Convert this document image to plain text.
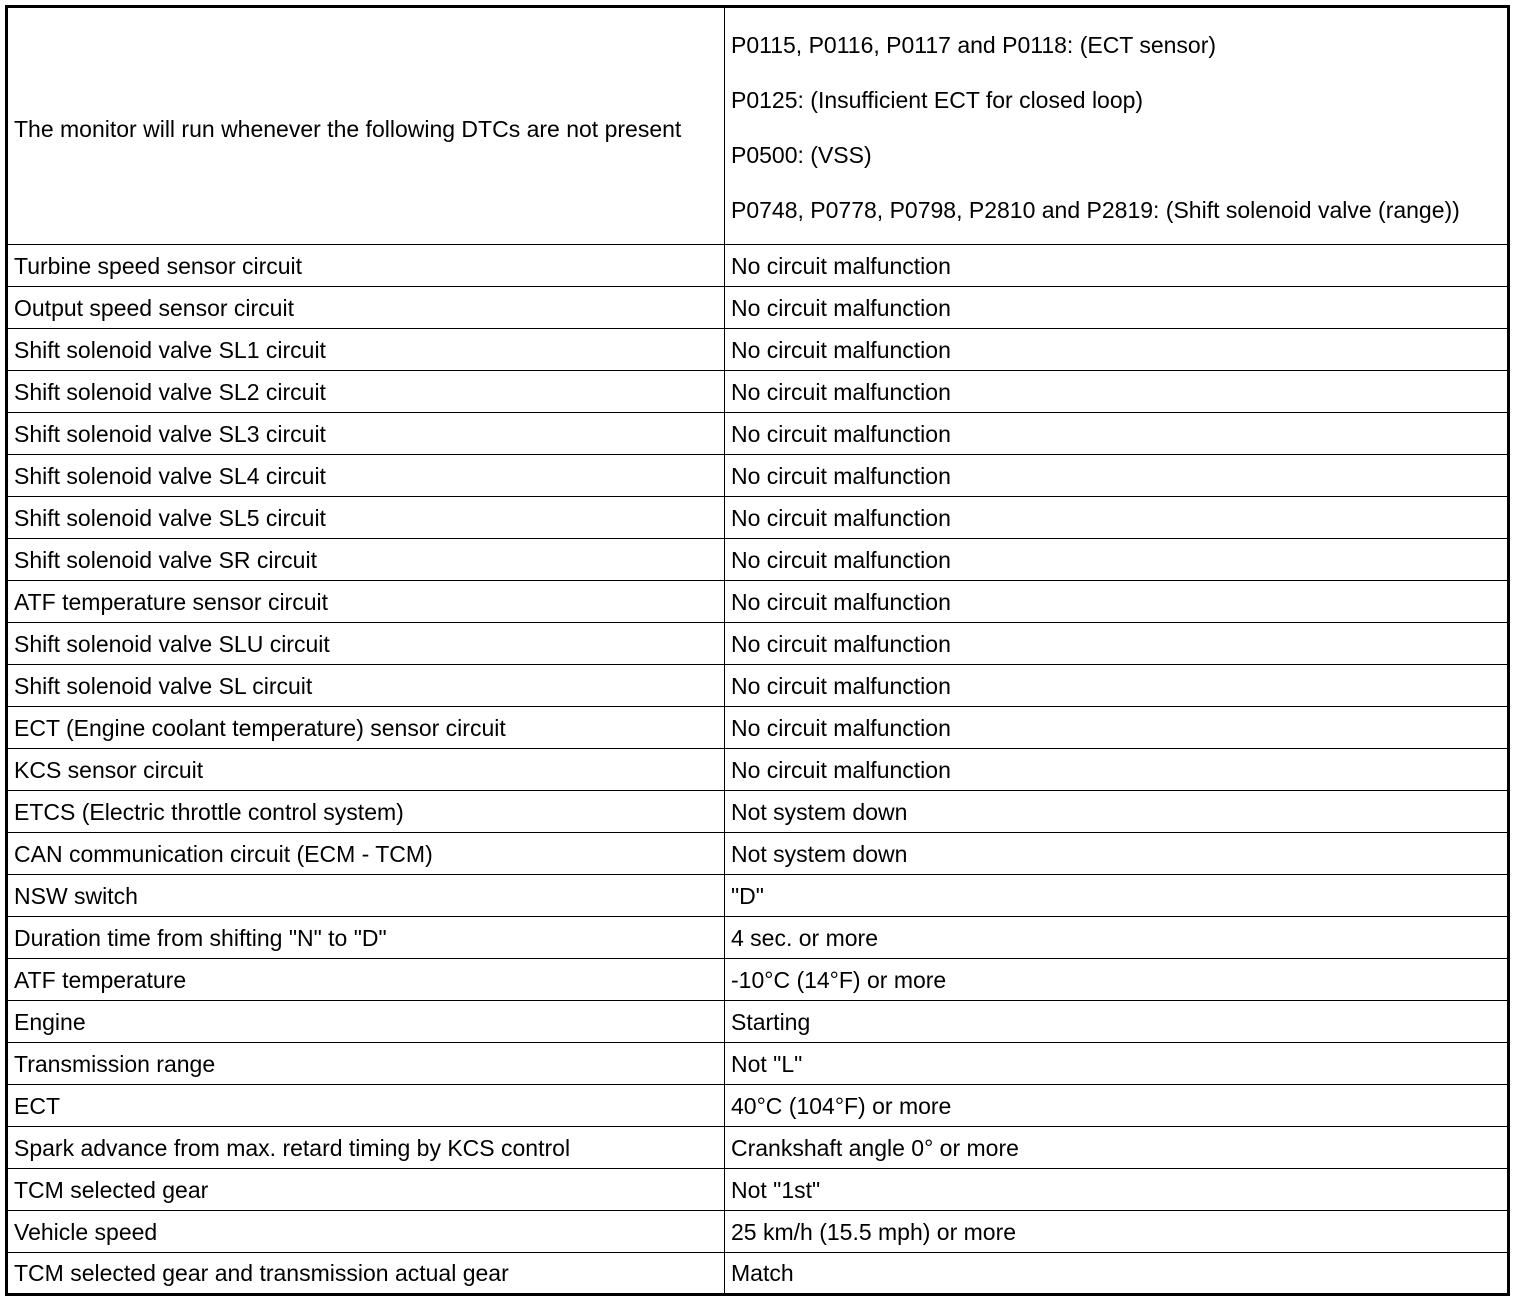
The monitor will run whenever the following DTCs are not present	P0115, P0116, P0117 and P0118: (ECT sensor)
P0125: (Insufficient ECT for closed loop)
P0500: (VSS)
P0748, P0778, P0798, P2810 and P2819: (Shift solenoid valve (range))

Turbine speed sensor circuit	No circuit malfunction
Output speed sensor circuit	No circuit malfunction
Shift solenoid valve SL1 circuit	No circuit malfunction
Shift solenoid valve SL2 circuit	No circuit malfunction
Shift solenoid valve SL3 circuit	No circuit malfunction
Shift solenoid valve SL4 circuit	No circuit malfunction
Shift solenoid valve SL5 circuit	No circuit malfunction
Shift solenoid valve SR circuit	No circuit malfunction
ATF temperature sensor circuit	No circuit malfunction
Shift solenoid valve SLU circuit	No circuit malfunction
Shift solenoid valve SL circuit	No circuit malfunction
ECT (Engine coolant temperature) sensor circuit	No circuit malfunction
KCS sensor circuit	No circuit malfunction
ETCS (Electric throttle control system)	Not system down
CAN communication circuit (ECM - TCM)	Not system down
NSW switch	"D"
Duration time from shifting "N" to "D"	4 sec. or more
ATF temperature	-10°C (14°F) or more
Engine	Starting
Transmission range	Not "L"
ECT	40°C (104°F) or more
Spark advance from max. retard timing by KCS control	Crankshaft angle 0° or more
TCM selected gear	Not "1st"
Vehicle speed	25 km/h (15.5 mph) or more
TCM selected gear and transmission actual gear	Match
